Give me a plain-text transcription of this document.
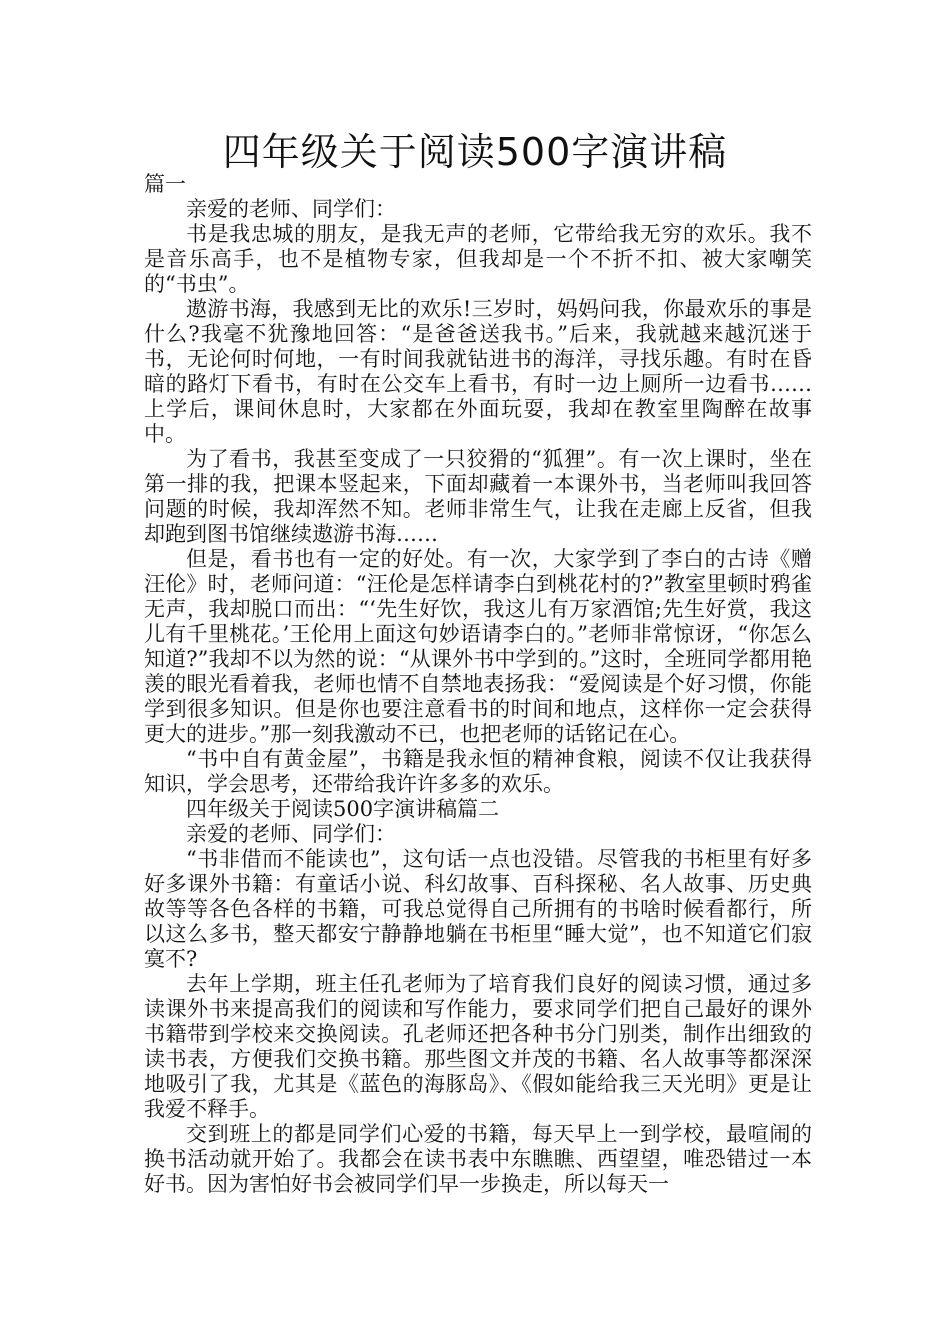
四年级关于阅读500字演讲稿

篇一

亲爱的老师、同学们：

书是我忠城的朋友，是我无声的老师，它带给我无穷的欢乐。我不是音乐高手，也不是植物专家，但我却是一个不折不扣、被大家嘲笑的“书虫”。

遨游书海，我感到无比的欢乐!三岁时，妈妈问我，你最欢乐的事是什么?我毫不犹豫地回答：“是爸爸送我书。”后来，我就越来越沉迷于书，无论何时何地，一有时间我就钻进书的海洋，寻找乐趣。有时在昏暗的路灯下看书，有时在公交车上看书，有时一边上厕所一边看书……上学后，课间休息时，大家都在外面玩耍，我却在教室里陶醉在故事中。

为了看书，我甚至变成了一只狡猾的“狐狸”。有一次上课时，坐在第一排的我，把课本竖起来，下面却藏着一本课外书，当老师叫我回答问题的时候，我却浑然不知。老师非常生气，让我在走廊上反省，但我却跑到图书馆继续遨游书海……

但是，看书也有一定的好处。有一次，大家学到了李白的古诗《赠汪伦》时，老师问道：“汪伦是怎样请李白到桃花村的?”教室里顿时鸦雀无声，我却脱口而出：“‘先生好饮，我这儿有万家酒馆;先生好赏，我这儿有千里桃花。’王伦用上面这句妙语请李白的。”老师非常惊讶，“你怎么知道?”我却不以为然的说：“从课外书中学到的。”这时，全班同学都用艳羡的眼光看着我，老师也情不自禁地表扬我：“爱阅读是个好习惯，你能学到很多知识。但是你也要注意看书的时间和地点，这样你一定会获得更大的进步。”那一刻我激动不已，也把老师的话铭记在心。

“书中自有黄金屋”，书籍是我永恒的精神食粮，阅读不仅让我获得知识，学会思考，还带给我许许多多的欢乐。

四年级关于阅读500字演讲稿篇二

亲爱的老师、同学们：

“书非借而不能读也”，这句话一点也没错。尽管我的书柜里有好多好多课外书籍：有童话小说、科幻故事、百科探秘、名人故事、历史典故等等各色各样的书籍，可我总觉得自己所拥有的书啥时候看都行，所以这么多书，整天都安宁静静地躺在书柜里“睡大觉”，也不知道它们寂寞不?

去年上学期，班主任孔老师为了培育我们良好的阅读习惯，通过多读课外书来提高我们的阅读和写作能力，要求同学们把自己最好的课外书籍带到学校来交换阅读。孔老师还把各种书分门别类，制作出细致的读书表，方便我们交换书籍。那些图文并茂的书籍、名人故事等都深深地吸引了我，尤其是《蓝色的海豚岛》、《假如能给我三天光明》更是让我爱不释手。

交到班上的都是同学们心爱的书籍，每天早上一到学校，最喧闹的换书活动就开始了。我都会在读书表中东瞧瞧、西望望，唯恐错过一本好书。因为害怕好书会被同学们早一步换走，所以每天一
